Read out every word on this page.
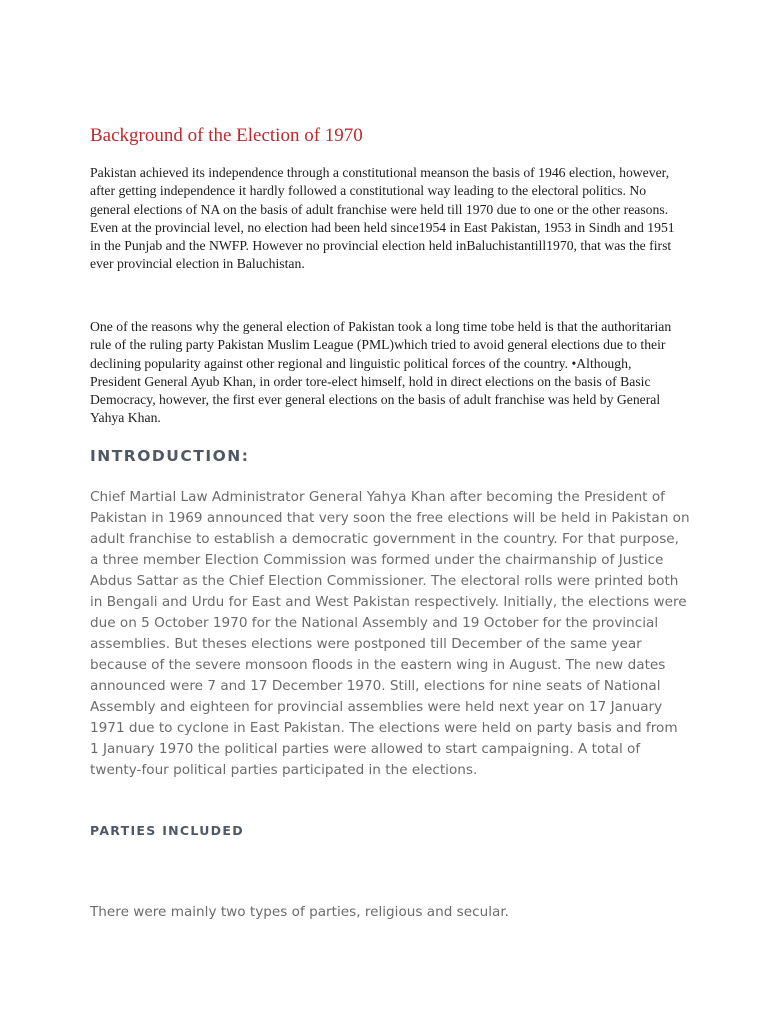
Background of the Election of 1970

Pakistan achieved its independence through a constitutional meanson the basis of 1946 election, however, after getting independence it hardly followed a constitutional way leading to the electoral politics. No general elections of NA on the basis of adult franchise were held till 1970 due to one or the other reasons. Even at the provincial level, no election had been held since1954 in East Pakistan, 1953 in Sindh and 1951 in the Punjab and the NWFP. However no provincial election held inBaluchistantill1970, that was the first ever provincial election in Baluchistan.

One of the reasons why the general election of Pakistan took a long time tobe held is that the authoritarian rule of the ruling party Pakistan Muslim League (PML)which tried to avoid general elections due to their declining popularity against other regional and linguistic political forces of the country. •Although, President General Ayub Khan, in order tore-elect himself, hold in direct elections on the basis of Basic Democracy, however, the first ever general elections on the basis of adult franchise was held by General Yahya Khan.

INTRODUCTION:

Chief Martial Law Administrator General Yahya Khan after becoming the President of Pakistan in 1969 announced that very soon the free elections will be held in Pakistan on adult franchise to establish a democratic government in the country. For that purpose, a three member Election Commission was formed under the chairmanship of Justice Abdus Sattar as the Chief Election Commissioner. The electoral rolls were printed both in Bengali and Urdu for East and West Pakistan respectively. Initially, the elections were due on 5 October 1970 for the National Assembly and 19 October for the provincial assemblies. But theses elections were postponed till December of the same year because of the severe monsoon floods in the eastern wing in August. The new dates announced were 7 and 17 December 1970. Still, elections for nine seats of National Assembly and eighteen for provincial assemblies were held next year on 17 January 1971 due to cyclone in East Pakistan. The elections were held on party basis and from 1 January 1970 the political parties were allowed to start campaigning. A total of twenty-four political parties participated in the elections.

PARTIES INCLUDED

There were mainly two types of parties, religious and secular.
